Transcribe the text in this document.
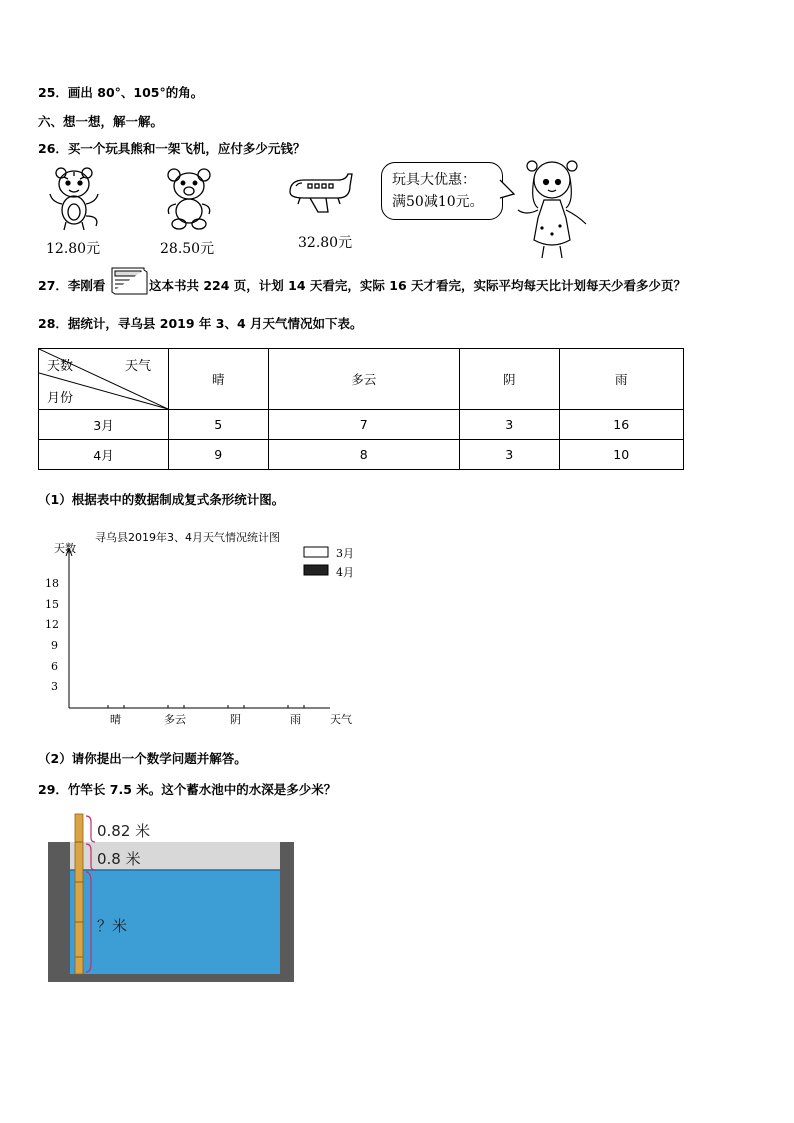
25．画出 80°、105°的角。
六、想一想，解一解。
26．买一个玩具熊和一架飞机，应付多少元钱？
12.80元	28.50元	32.80元
玩具大优惠：
满50减10元。
27．李刚看	这本书共 224 页，计划 14 天看完，实际 16 天才看完，实际平均每天比计划每天少看多少页？
28．据统计，寻乌县 2019 年 3、4 月天气情况如下表。
天数 天气
月份	晴	多云	阴	雨
3月	5	7	3	16
4月	9	8	3	10
（1）根据表中的数据制成复式条形统计图。
寻乌县2019年3、4月天气情况统计图
天数
3
6
9
12
15
18
晴	多云	阴	雨	天气
3月
4月
（2）请你提出一个数学问题并解答。
29．竹竿长 7.5 米。这个蓄水池中的水深是多少米？
0.82 米
0.8 米
？米
